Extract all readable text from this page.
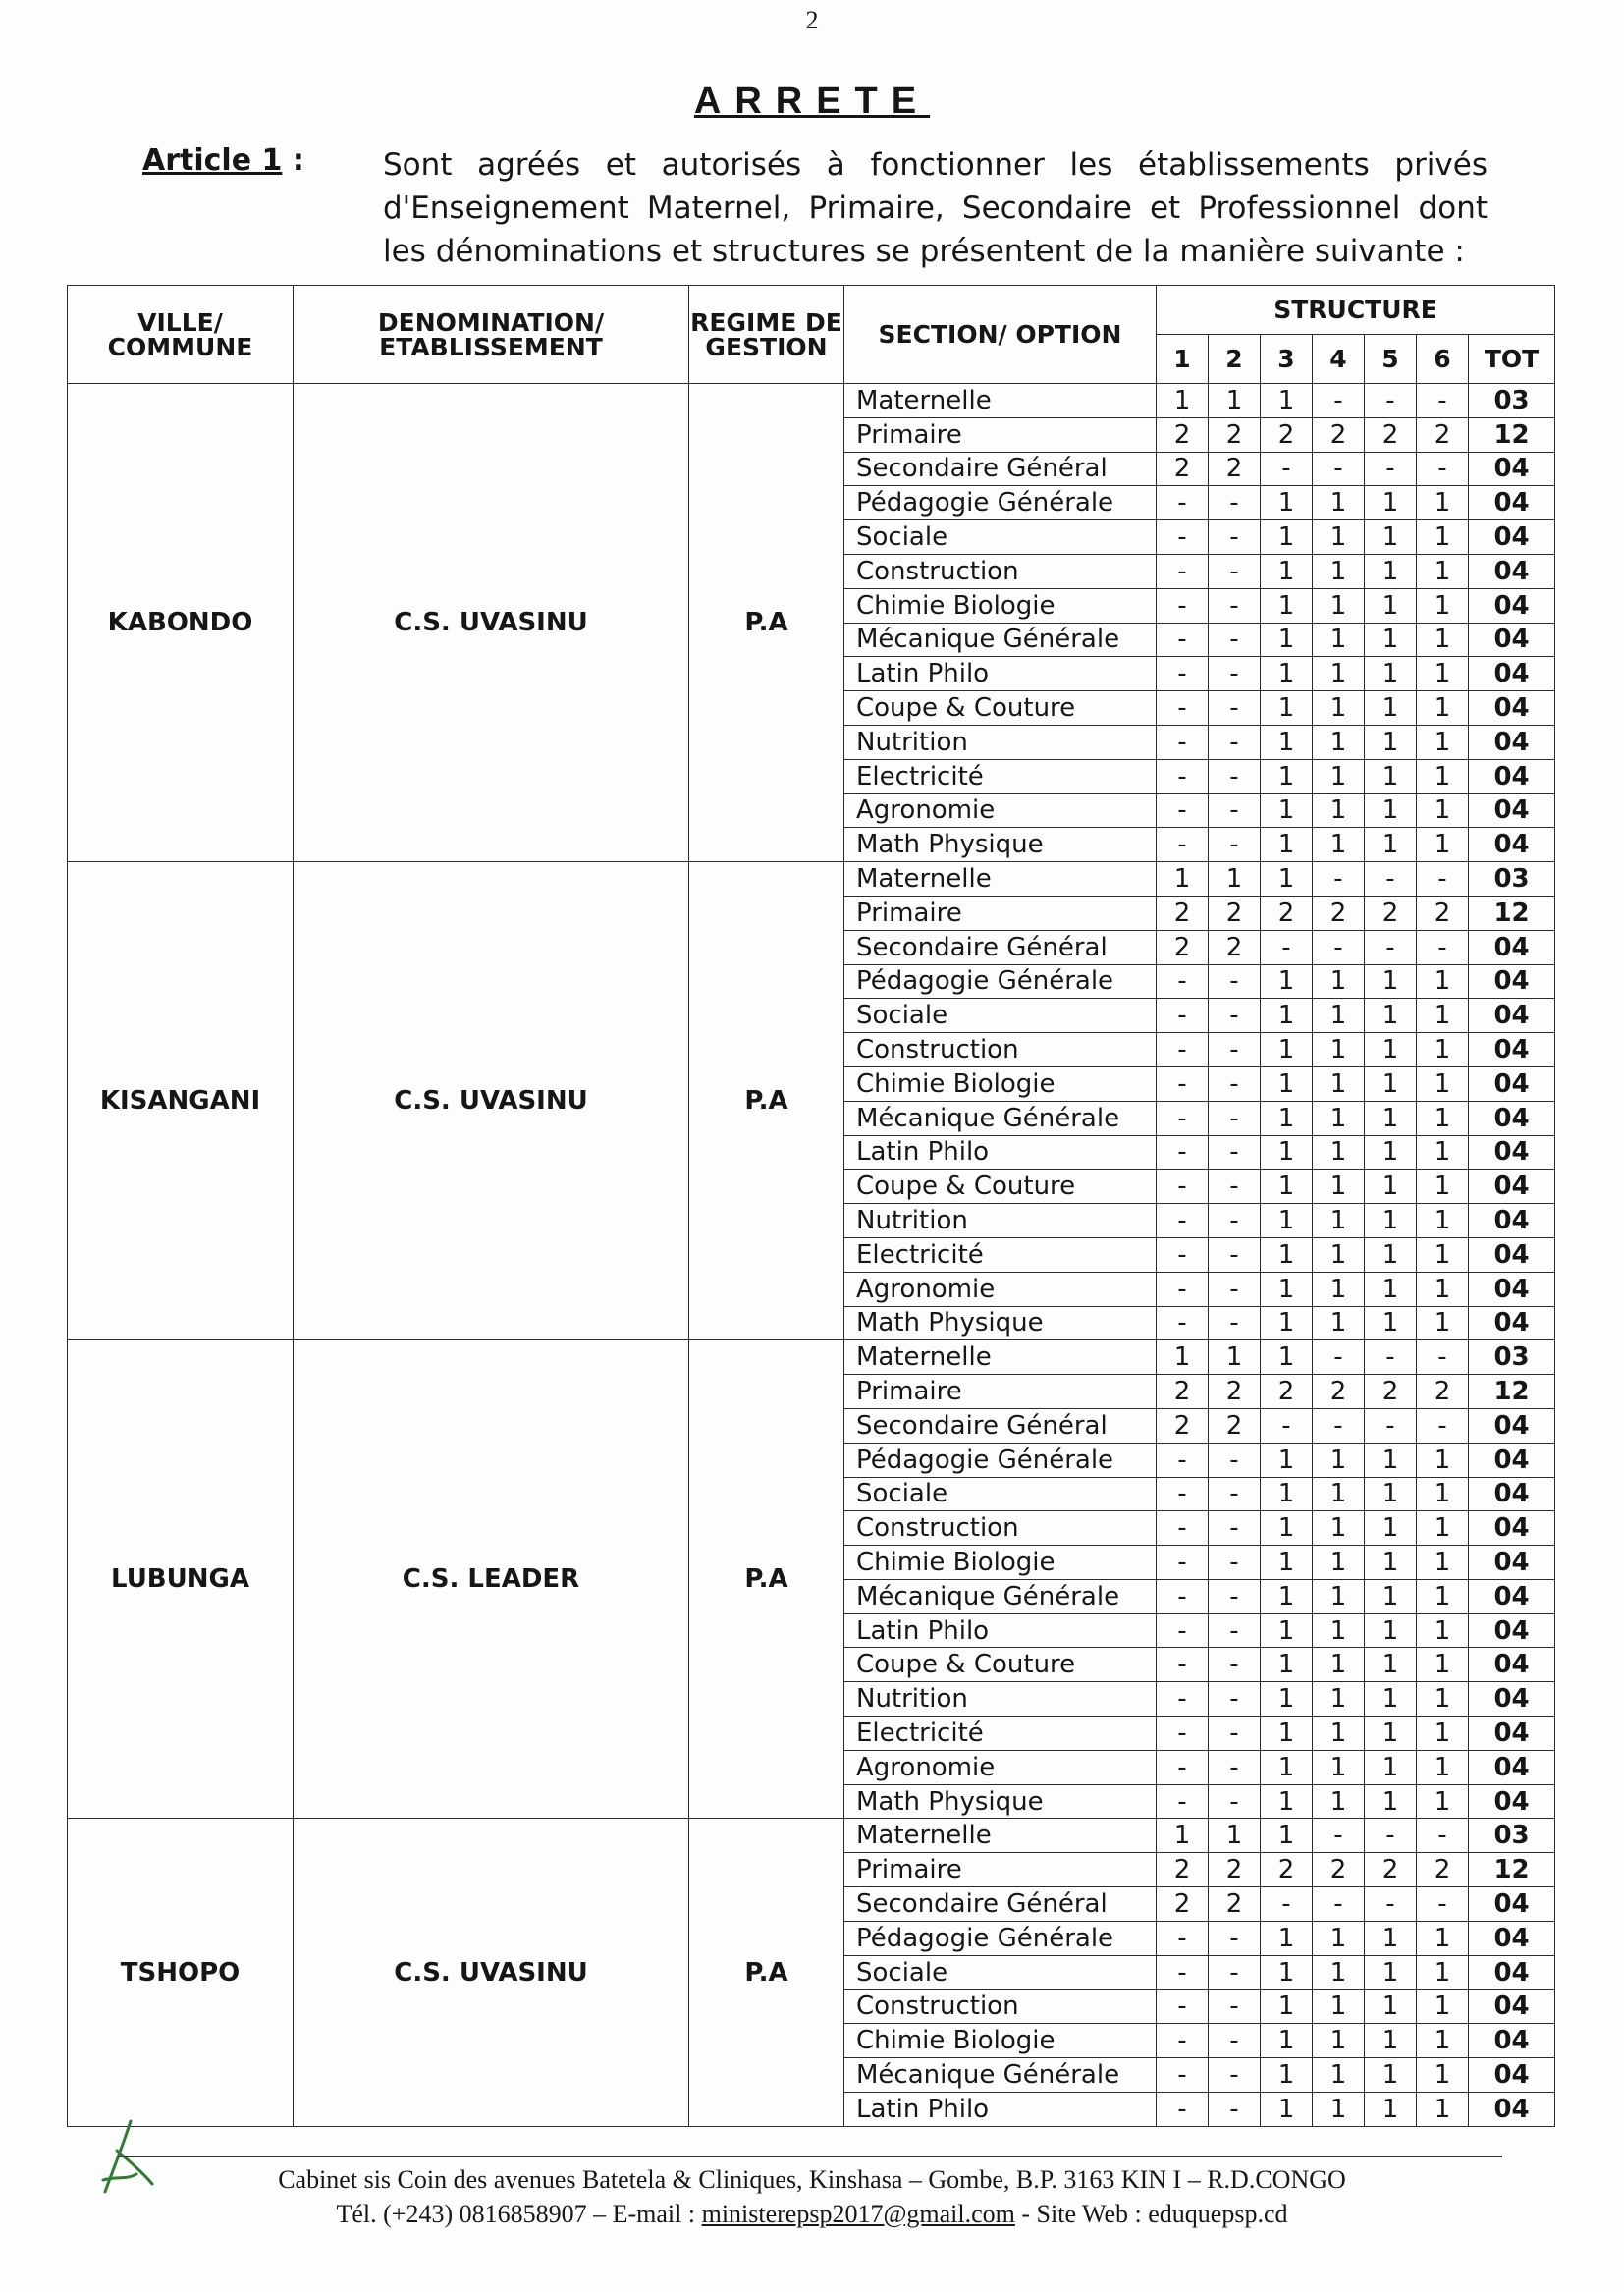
2
ARRETE
Article 1 :	Sont agréés et autorisés à fonctionner les établissements privés d'Enseignement Maternel, Primaire, Secondaire et Professionnel dont les dénominations et structures se présentent de la manière suivante :
VILLE/ COMMUNE	DENOMINATION/ ETABLISSEMENT	REGIME DE GESTION	SECTION/ OPTION	STRUCTURE						
				1	2	3	4	5	6	TOT
KABONDO	C.S. UVASINU	P.A	Maternelle	1	1	1	-	-	-	03
			Primaire	2	2	2	2	2	2	12
			Secondaire Général	2	2	-	-	-	-	04
			Pédagogie Générale	-	-	1	1	1	1	04
			Sociale	-	-	1	1	1	1	04
			Construction	-	-	1	1	1	1	04
			Chimie Biologie	-	-	1	1	1	1	04
			Mécanique Générale	-	-	1	1	1	1	04
			Latin Philo	-	-	1	1	1	1	04
			Coupe & Couture	-	-	1	1	1	1	04
			Nutrition	-	-	1	1	1	1	04
			Electricité	-	-	1	1	1	1	04
			Agronomie	-	-	1	1	1	1	04
			Math Physique	-	-	1	1	1	1	04
KISANGANI	C.S. UVASINU	P.A	Maternelle	1	1	1	-	-	-	03
			Primaire	2	2	2	2	2	2	12
			Secondaire Général	2	2	-	-	-	-	04
			Pédagogie Générale	-	-	1	1	1	1	04
			Sociale	-	-	1	1	1	1	04
			Construction	-	-	1	1	1	1	04
			Chimie Biologie	-	-	1	1	1	1	04
			Mécanique Générale	-	-	1	1	1	1	04
			Latin Philo	-	-	1	1	1	1	04
			Coupe & Couture	-	-	1	1	1	1	04
			Nutrition	-	-	1	1	1	1	04
			Electricité	-	-	1	1	1	1	04
			Agronomie	-	-	1	1	1	1	04
			Math Physique	-	-	1	1	1	1	04
LUBUNGA	C.S. LEADER	P.A	Maternelle	1	1	1	-	-	-	03
			Primaire	2	2	2	2	2	2	12
			Secondaire Général	2	2	-	-	-	-	04
			Pédagogie Générale	-	-	1	1	1	1	04
			Sociale	-	-	1	1	1	1	04
			Construction	-	-	1	1	1	1	04
			Chimie Biologie	-	-	1	1	1	1	04
			Mécanique Générale	-	-	1	1	1	1	04
			Latin Philo	-	-	1	1	1	1	04
			Coupe & Couture	-	-	1	1	1	1	04
			Nutrition	-	-	1	1	1	1	04
			Electricité	-	-	1	1	1	1	04
			Agronomie	-	-	1	1	1	1	04
			Math Physique	-	-	1	1	1	1	04
TSHOPO	C.S. UVASINU	P.A	Maternelle	1	1	1	-	-	-	03
			Primaire	2	2	2	2	2	2	12
			Secondaire Général	2	2	-	-	-	-	04
			Pédagogie Générale	-	-	1	1	1	1	04
			Sociale	-	-	1	1	1	1	04
			Construction	-	-	1	1	1	1	04
			Chimie Biologie	-	-	1	1	1	1	04
			Mécanique Générale	-	-	1	1	1	1	04
			Latin Philo	-	-	1	1	1	1	04
Cabinet sis Coin des avenues Batetela & Cliniques, Kinshasa – Gombe, B.P. 3163 KIN I – R.D.CONGO
Tél. (+243) 0816858907 – E-mail : ministerepsp2017@gmail.com - Site Web : eduquepsp.cd
